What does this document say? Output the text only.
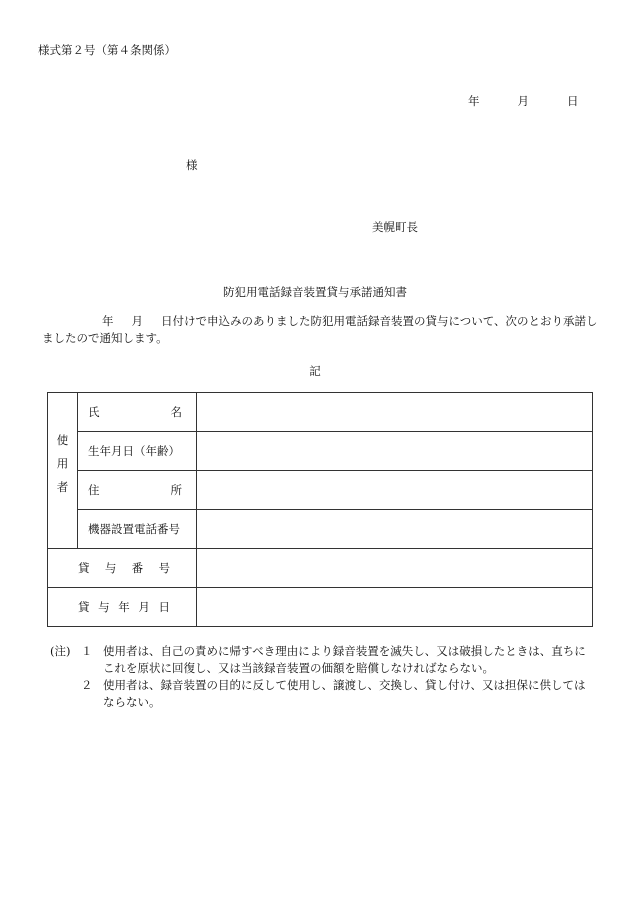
様式第２号（第４条関係）
年	月	日
様
美幌町長
防犯用電話録音装置貸与承諾通知書
年 月 日付けで申込みのありました防犯用電話録音装置の貸与について、次のとおり承諾しましたので通知します。
記
使用者	氏 名	

	生年月日（年齢）	

	住 所	

	機器設置電話番号	

貸 与 番 号		

貸 与 年 月 日		

(注) １ 使用者は、自己の責めに帰すべき理由により録音装置を滅失し、又は破損したときは、直ちにこれを原状に回復し、又は当該録音装置の価額を賠償しなければならない。
２ 使用者は、録音装置の目的に反して使用し、譲渡し、交換し、貸し付け、又は担保に供してはならない。
